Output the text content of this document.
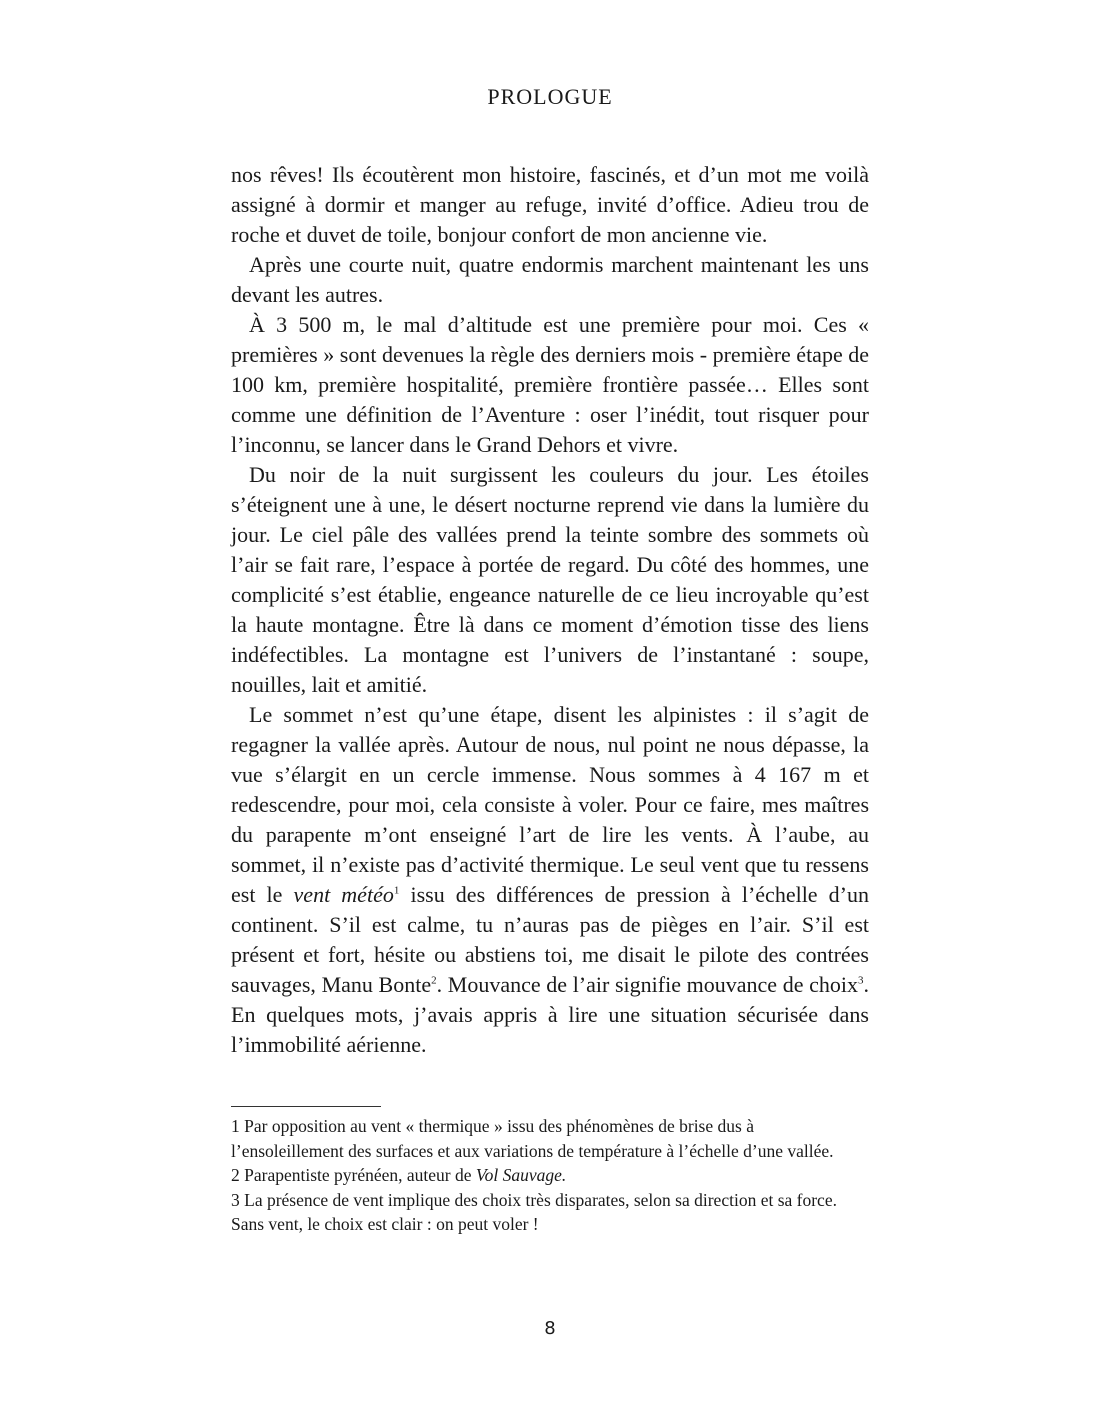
PROLOGUE

nos rêves! Ils écoutèrent mon histoire, fascinés, et d’un mot me voilà assigné à dormir et manger au refuge, invité d’office. Adieu trou de roche et duvet de toile, bonjour confort de mon ancienne vie.

Après une courte nuit, quatre endormis marchent maintenant les uns devant les autres.

À 3 500 m, le mal d’altitude est une première pour moi. Ces « premières » sont devenues la règle des derniers mois - première étape de 100 km, première hospitalité, première frontière passée… Elles sont comme une définition de l’Aventure : oser l’inédit, tout risquer pour l’inconnu, se lancer dans le Grand Dehors et vivre.

Du noir de la nuit surgissent les couleurs du jour. Les étoiles s’éteignent une à une, le désert nocturne reprend vie dans la lumière du jour. Le ciel pâle des vallées prend la teinte sombre des sommets où l’air se fait rare, l’espace à portée de regard. Du côté des hommes, une complicité s’est établie, engeance naturelle de ce lieu incroyable qu’est la haute montagne. Être là dans ce moment d’émotion tisse des liens indéfectibles. La montagne est l’univers de l’instantané : soupe, nouilles, lait et amitié.

Le sommet n’est qu’une étape, disent les alpinistes : il s’agit de regagner la vallée après. Autour de nous, nul point ne nous dépasse, la vue s’élargit en un cercle immense. Nous sommes à 4 167 m et redescendre, pour moi, cela consiste à voler. Pour ce faire, mes maîtres du parapente m’ont enseigné l’art de lire les vents. À l’aube, au sommet, il n’existe pas d’activité thermique. Le seul vent que tu ressens est le vent météo$^1$ issu des différences de pression à l’échelle d’un continent. S’il est calme, tu n’auras pas de pièges en l’air. S’il est présent et fort, hésite ou abstiens toi, me disait le pilote des contrées sauvages, Manu Bonte$^2$. Mouvance de l’air signifie mouvance de choix$^3$. En quelques mots, j’avais appris à lire une situation sécurisée dans l’immobilité aérienne.

1 Par opposition au vent « thermique » issu des phénomènes de brise dus à l’ensoleillement des surfaces et aux variations de température à l’échelle d’une vallée.

2 Parapentiste pyrénéen, auteur de Vol Sauvage.

3 La présence de vent implique des choix très disparates, selon sa direction et sa force. Sans vent, le choix est clair : on peut voler !

8
